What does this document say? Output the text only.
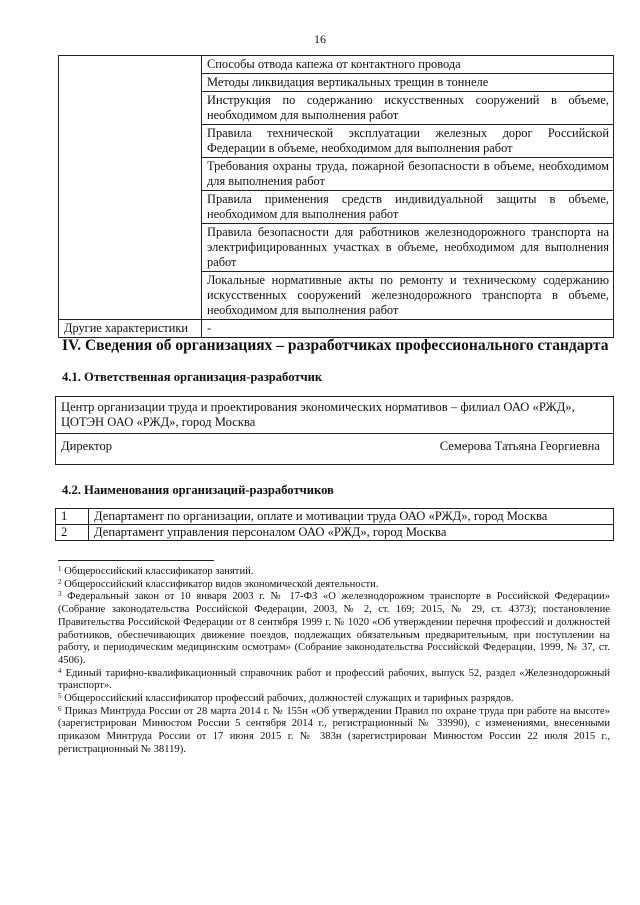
16
	Способы отвода капежа от контактного провода
	Методы ликвидация вертикальных трещин в тоннеле
	Инструкция по содержанию искусственных сооружений в объеме, необходимом для выполнения работ
	Правила технической эксплуатации железных дорог Российской Федерации в объеме, необходимом для выполнения работ
	Требования охраны труда, пожарной безопасности в объеме, необходимом для выполнения работ
	Правила применения средств индивидуальной защиты в объеме, необходимом для выполнения работ
	Правила безопасности для работников железнодорожного транспорта на электрифицированных участках в объеме, необходимом для выполнения работ
	Локальные нормативные акты по ремонту и техническому содержанию искусственных сооружений железнодорожного транспорта в объеме, необходимом для выполнения работ
Другие характеристики	-
IV. Сведения об организациях – разработчиках профессионального стандарта
4.1. Ответственная организация-разработчик
Центр организации труда и проектирования экономических нормативов – филиал ОАО «РЖД», ЦОТЭН ОАО «РЖД», город Москва
Директор	Семерова Татьяна Георгиевна
4.2. Наименования организаций-разработчиков
1	Департамент по организации, оплате и мотивации труда ОАО «РЖД», город Москва
2	Департамент управления персоналом ОАО «РЖД», город Москва

$^1$ Общероссийский классификатор занятий.

$^2$ Общероссийский классификатор видов экономической деятельности.

$^3$ Федеральный закон от 10 января 2003 г. № 17-ФЗ «О железнодорожном транспорте в Российской Федерации» (Собрание законодательства Российской Федерации, 2003, № 2, ст. 169; 2015, № 29, ст. 4373); постановление Правительства Российской Федерации от 8 сентября 1999 г. № 1020 «Об утверждении перечня профессий и должностей работников, обеспечивающих движение поездов, подлежащих обязательным предварительным, при поступлении на работу, и периодическим медицинским осмотрам» (Собрание законодательства Российской Федерации, 1999, № 37, ст. 4506).

$^4$ Единый тарифно-квалификационный справочник работ и профессий рабочих, выпуск 52, раздел «Железнодорожный транспорт».

$^5$ Общероссийский классификатор профессий рабочих, должностей служащих и тарифных разрядов.

$^6$ Приказ Минтруда России от 28 марта 2014 г. № 155н «Об утверждении Правил по охране труда при работе на высоте» (зарегистрирован Минюстом России 5 сентября 2014 г., регистрационный № 33990), с изменениями, внесенными приказом Минтруда России от 17 июня 2015 г. № 383н (зарегистрирован Минюстом России 22 июля 2015 г., регистрационный № 38119).
